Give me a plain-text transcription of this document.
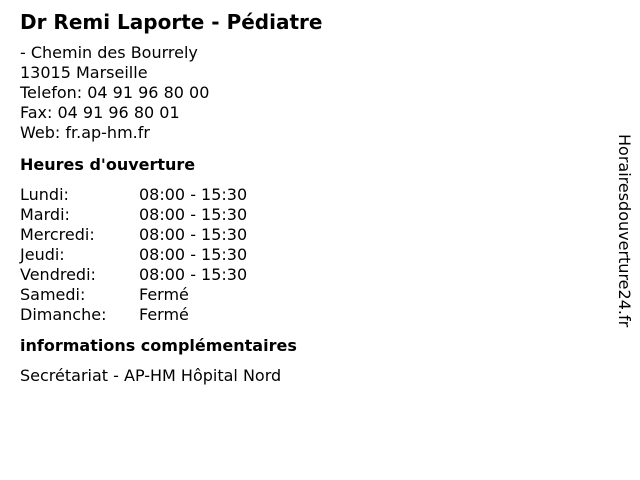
Dr Remi Laporte - Pédiatre
- Chemin des Bourrely
13015 Marseille
Telefon: 04 91 96 80 00
Fax: 04 91 96 80 01
Web: fr.ap-hm.fr
Heures d'ouverture
Lundi:	08:00 - 15:30
Mardi:	08:00 - 15:30
Mercredi:	08:00 - 15:30
Jeudi:	08:00 - 15:30
Vendredi:	08:00 - 15:30
Samedi:	Fermé
Dimanche:	Fermé
informations complémentaires
Secrétariat - AP-HM Hôpital Nord
Horairesdouverture24.fr
